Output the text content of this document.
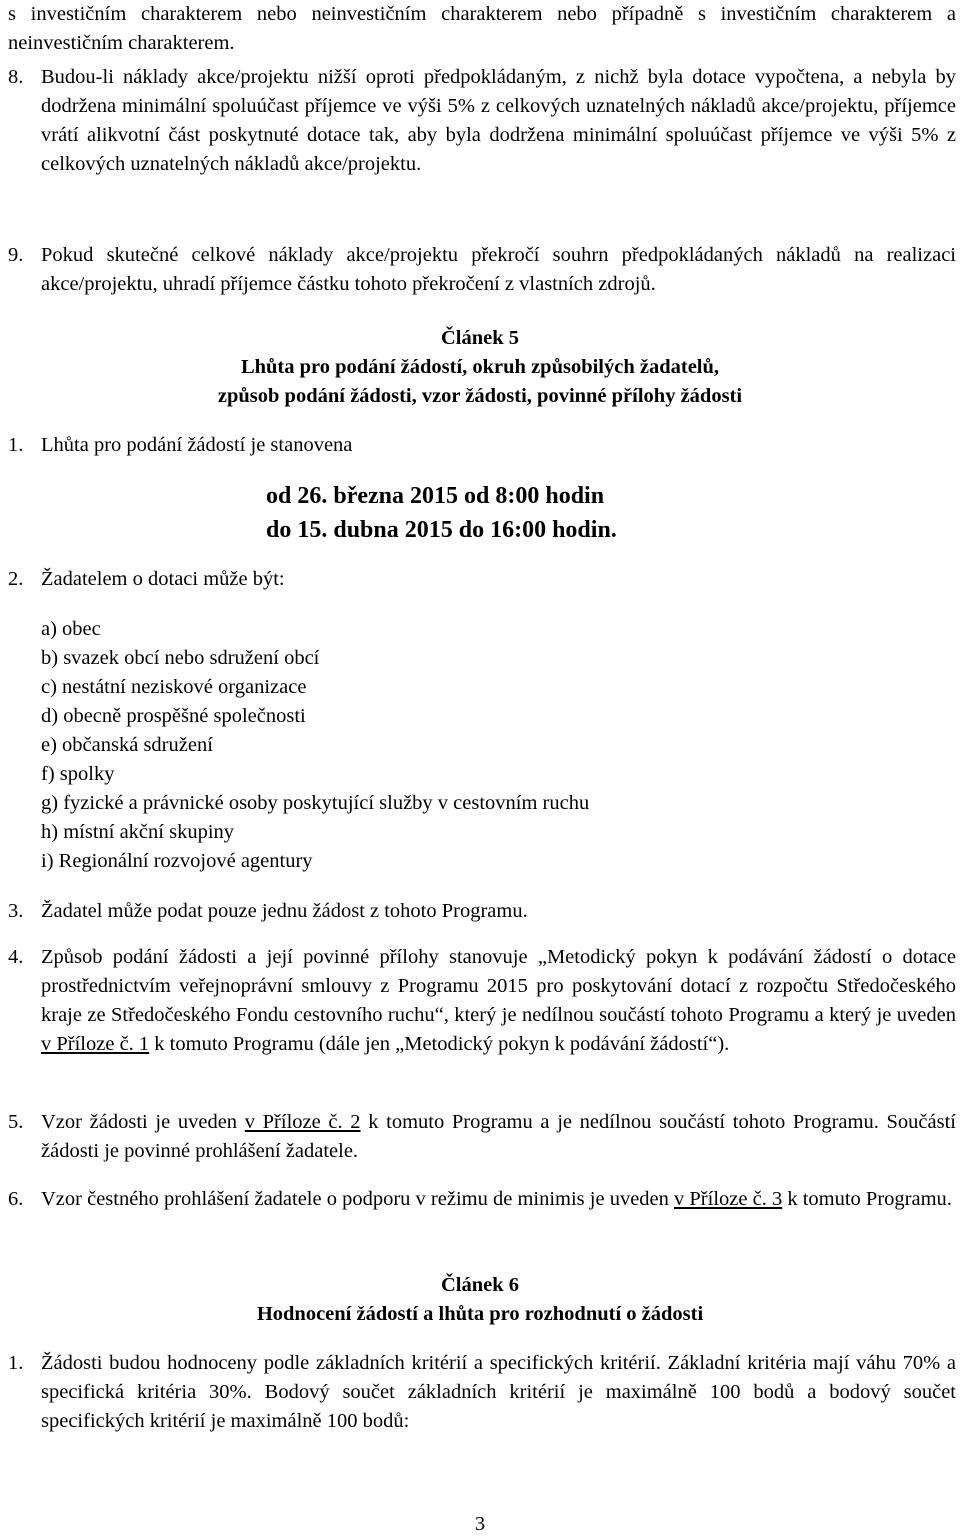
s investičním charakterem nebo neinvestičním charakterem nebo případně s investičním charakterem a neinvestičním charakterem.

8. Budou-li náklady akce/projektu nižší oproti předpokládaným, z nichž byla dotace vypočtena, a nebyla by dodržena minimální spoluúčast příjemce ve výši 5% z celkových uznatelných nákladů akce/projektu, příjemce vrátí alikvotní část poskytnuté dotace tak, aby byla dodržena minimální spoluúčast příjemce ve výši 5% z celkových uznatelných nákladů akce/projektu.
9. Pokud skutečné celkové náklady akce/projektu překročí souhrn předpokládaných nákladů na realizaci akce/projektu, uhradí příjemce částku tohoto překročení z vlastních zdrojů.

Článek 5

Lhůta pro podání žádostí, okruh způsobilých žadatelů,

způsob podání žádosti, vzor žádosti, povinné přílohy žádosti

1. Lhůta pro podání žádostí je stanovena
od 26. března 2015 od 8:00 hodin
do 15. dubna 2015 do 16:00 hodin.
2. Žadatelem o dotaci může být:
a) obec
b) svazek obcí nebo sdružení obcí
c) nestátní neziskové organizace
d) obecně prospěšné společnosti
e) občanská sdružení
f) spolky
g) fyzické a právnické osoby poskytující služby v cestovním ruchu
h) místní akční skupiny
i) Regionální rozvojové agentury
3. Žadatel může podat pouze jednu žádost z tohoto Programu.
4. Způsob podání žádosti a její povinné přílohy stanovuje „Metodický pokyn k podávání žádostí o dotace prostřednictvím veřejnoprávní smlouvy z Programu 2015 pro poskytování dotací z rozpočtu Středočeského kraje ze Středočeského Fondu cestovního ruchu“, který je nedílnou součástí tohoto Programu a který je uveden v Příloze č. 1 k tomuto Programu (dále jen „Metodický pokyn k podávání žádostí“).
5. Vzor žádosti je uveden v Příloze č. 2 k tomuto Programu a je nedílnou součástí tohoto Programu. Součástí žádosti je povinné prohlášení žadatele.
6. Vzor čestného prohlášení žadatele o podporu v režimu de minimis je uveden v Příloze č. 3 k tomuto Programu.

Článek 6

Hodnocení žádostí a lhůta pro rozhodnutí o žádosti

1. Žádosti budou hodnoceny podle základních kritérií a specifických kritérií. Základní kritéria mají váhu 70% a specifická kritéria 30%. Bodový součet základních kritérií je maximálně 100 bodů a bodový součet specifických kritérií je maximálně 100 bodů:
3
